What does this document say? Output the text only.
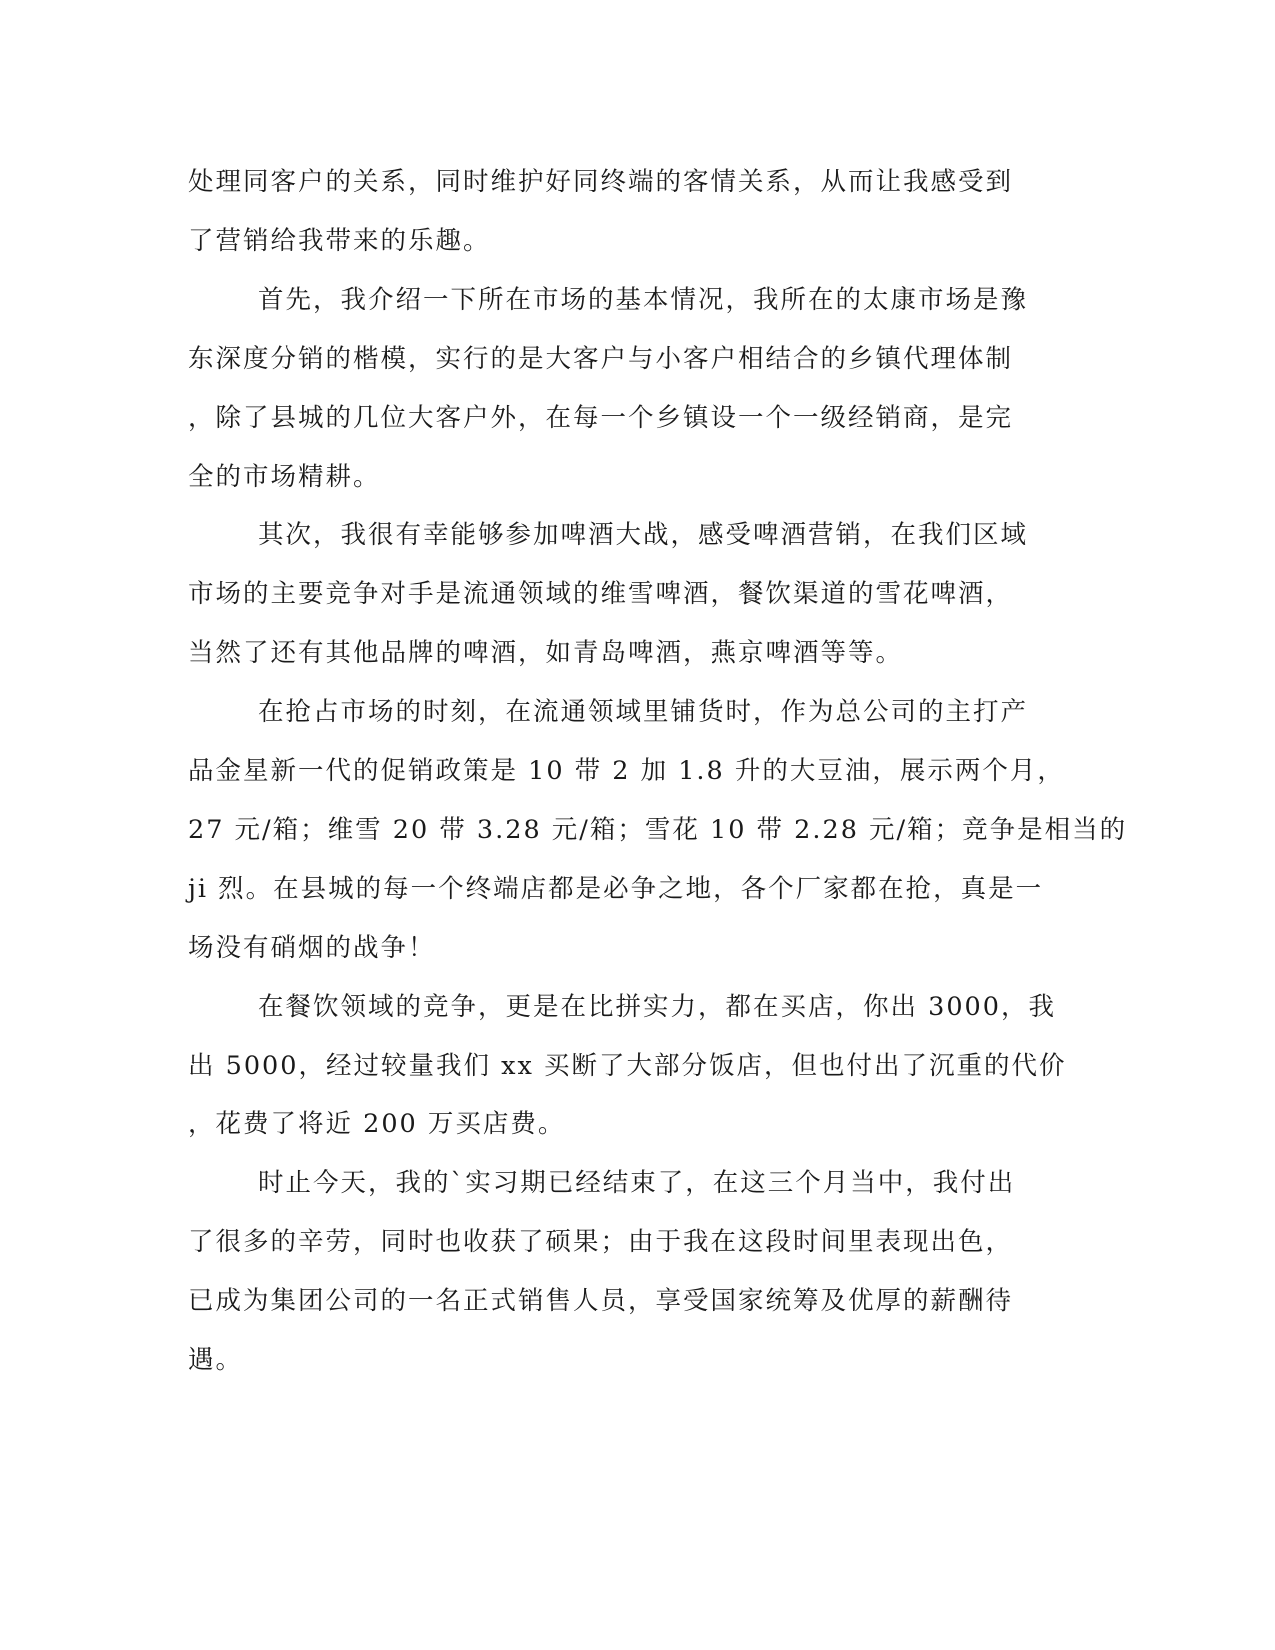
处理同客户的关系，同时维护好同终端的客情关系，从而让我感受到
了营销给我带来的乐趣。
首先，我介绍一下所在市场的基本情况，我所在的太康市场是豫
东深度分销的楷模，实行的是大客户与小客户相结合的乡镇代理体制
，除了县城的几位大客户外，在每一个乡镇设一个一级经销商，是完
全的市场精耕。
其次，我很有幸能够参加啤酒大战，感受啤酒营销，在我们区域
市场的主要竞争对手是流通领域的维雪啤酒，餐饮渠道的雪花啤酒，
当然了还有其他品牌的啤酒，如青岛啤酒，燕京啤酒等等。
在抢占市场的时刻，在流通领域里铺货时，作为总公司的主打产
品金星新一代的促销政策是 10 带 2 加 1.8 升的大豆油，展示两个月，
27 元/箱；维雪 20 带 3.28 元/箱；雪花 10 带 2.28 元/箱；竞争是相当的
ji 烈。在县城的每一个终端店都是必争之地，各个厂家都在抢，真是一
场没有硝烟的战争！
在餐饮领域的竞争，更是在比拼实力，都在买店，你出 3000，我
出 5000，经过较量我们 xx 买断了大部分饭店，但也付出了沉重的代价
，花费了将近 200 万买店费。
时止今天，我的`实习期已经结束了，在这三个月当中，我付出
了很多的辛劳，同时也收获了硕果；由于我在这段时间里表现出色，
已成为集团公司的一名正式销售人员，享受国家统筹及优厚的薪酬待
遇。
